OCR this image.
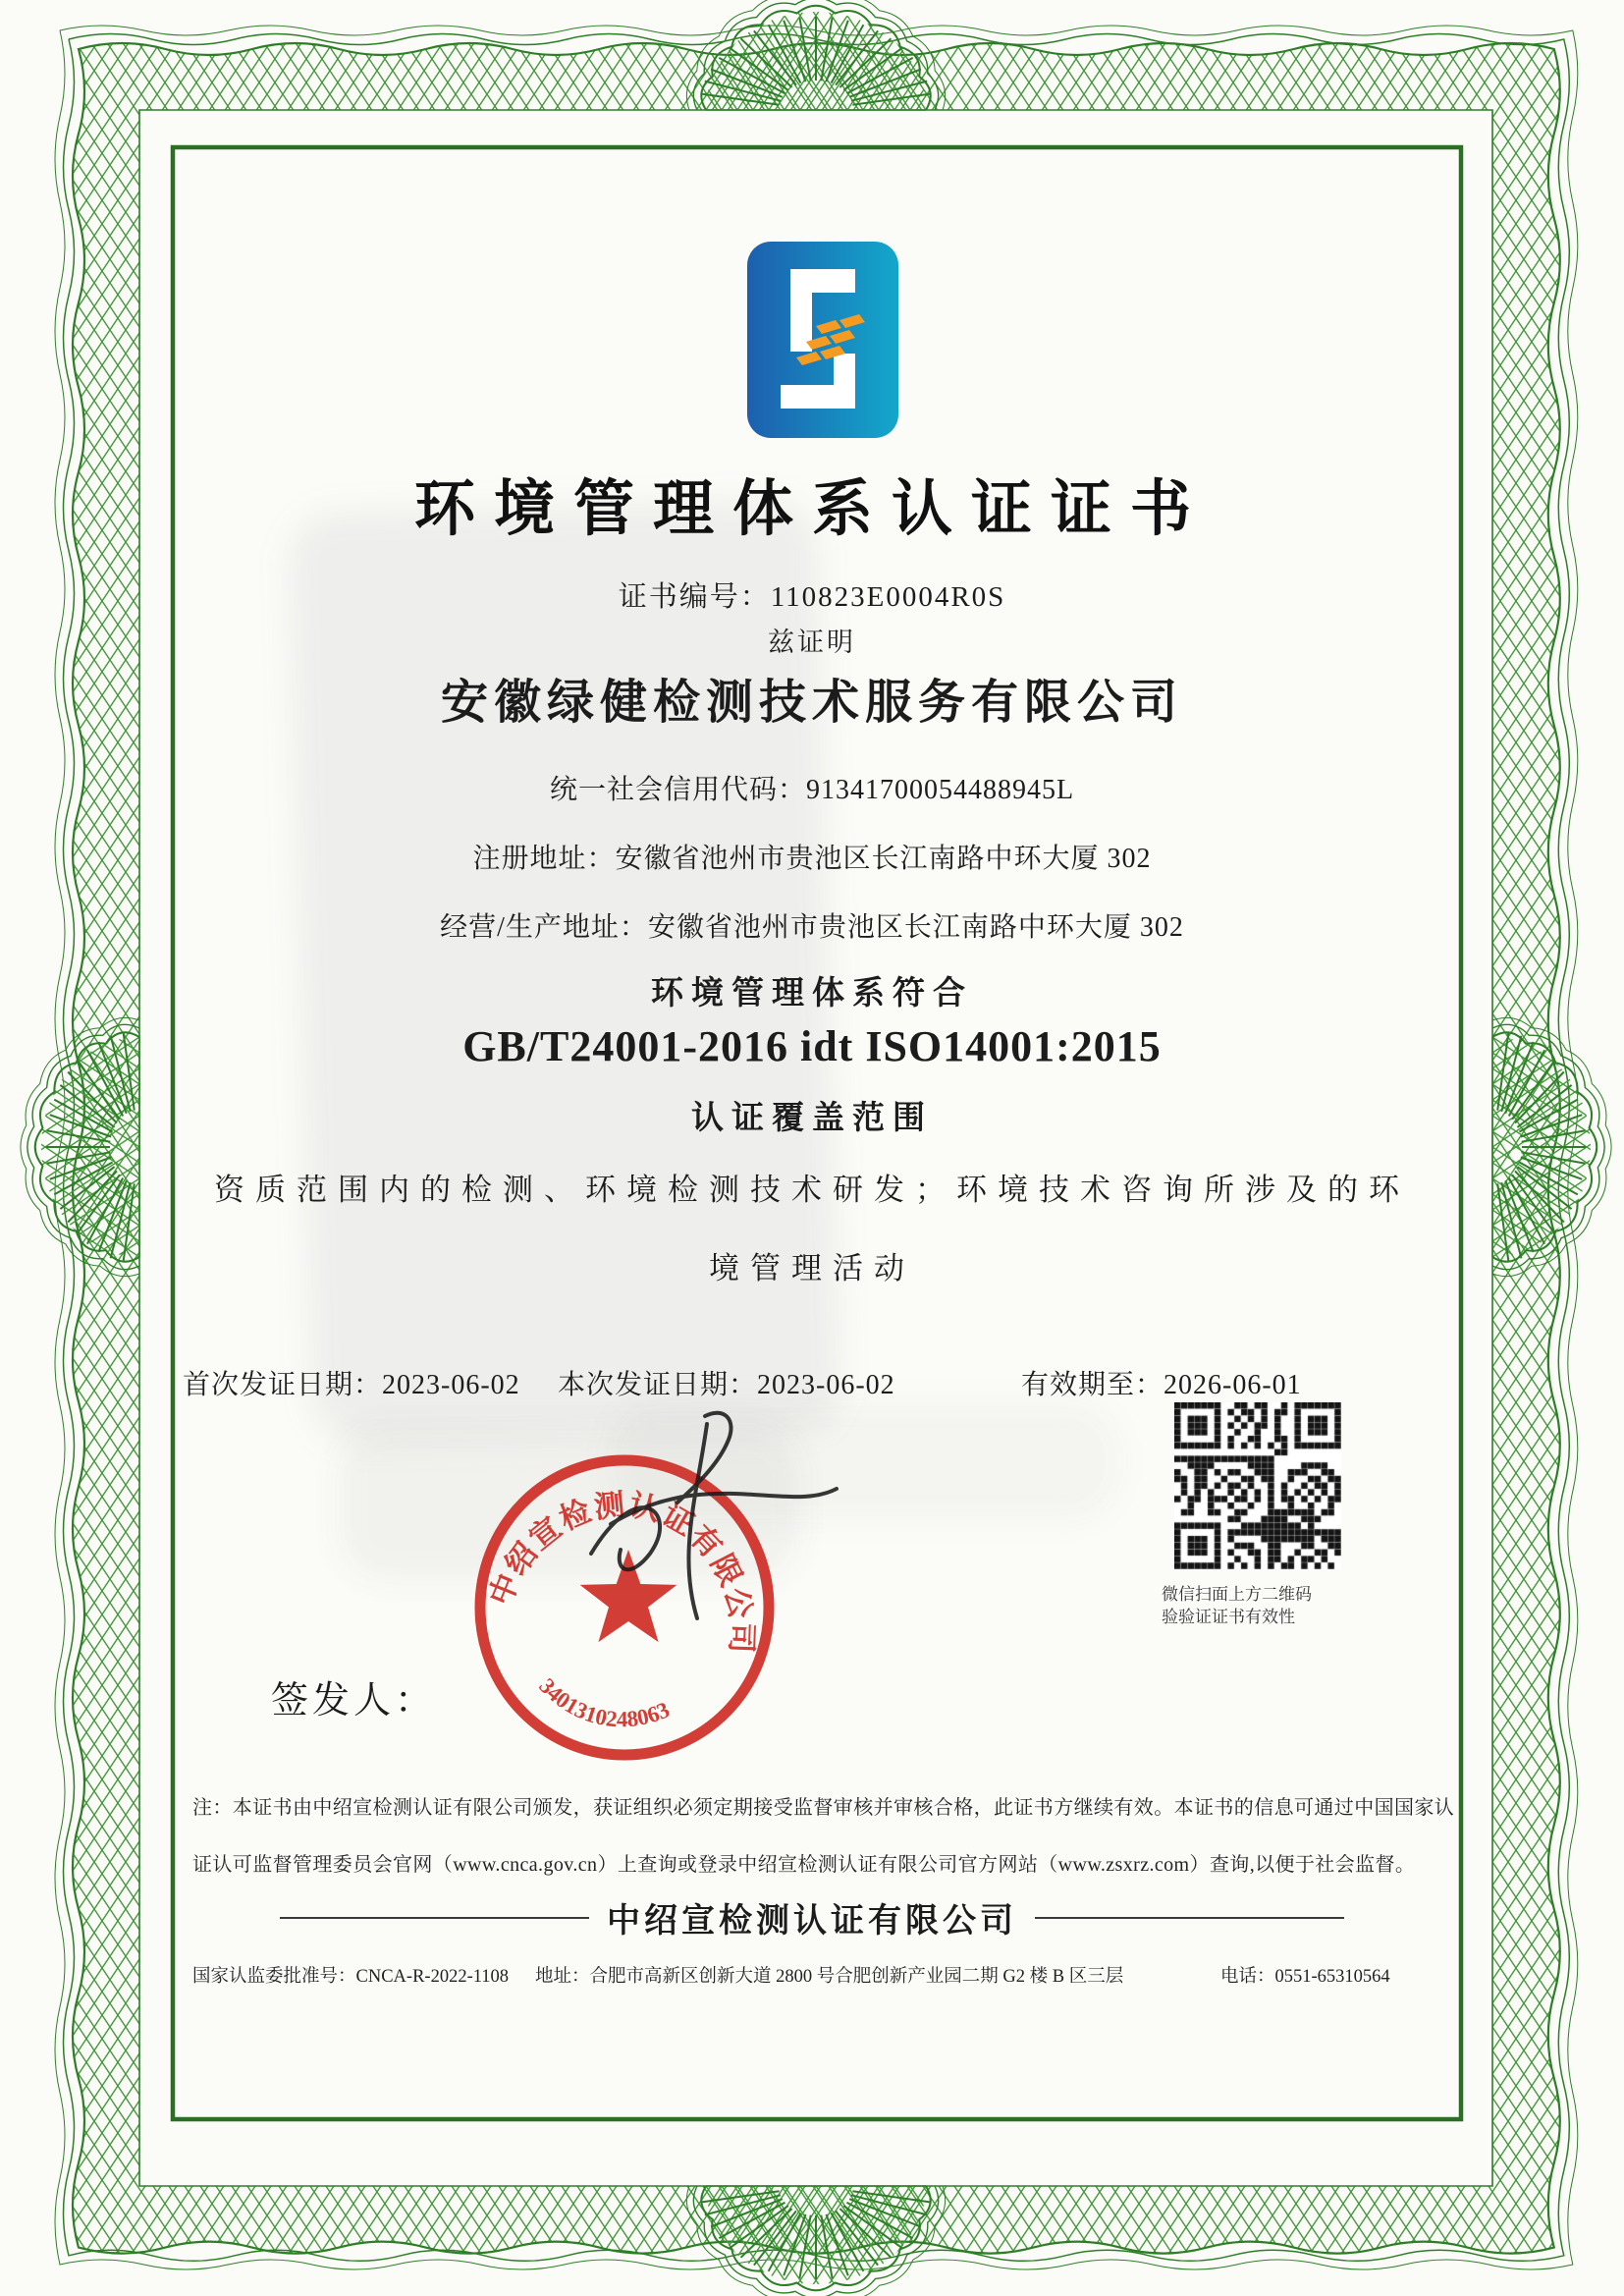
环境管理体系认证证书
证书编号：110823E0004R0S
兹证明
安徽绿健检测技术服务有限公司
统一社会信用代码：91341700054488945L
注册地址：安徽省池州市贵池区长江南路中环大厦 302
经营/生产地址：安徽省池州市贵池区长江南路中环大厦 302
环境管理体系符合
GB/T24001-2016 idt ISO14001:2015
认证覆盖范围
资质范围内的检测、环境检测技术研发；环境技术咨询所涉及的环
境管理活动
首次发证日期：2023-06-02 本次发证日期：2023-06-02	有效期至：2026-06-01
中绍宣检测认证有限公司
3401310248063
微信扫面上方二维码
验验证证书有效性
签发人：
注：本证书由中绍宣检测认证有限公司颁发，获证组织必须定期接受监督审核并审核合格，此证书方继续有效。本证书的信息可通过中国国家认
证认可监督管理委员会官网（www.cnca.gov.cn）上查询或登录中绍宣检测认证有限公司官方网站（www.zsxrz.com）查询,以便于社会监督。
中绍宣检测认证有限公司
国家认监委批准号：CNCA-R-2022-1108 地址：合肥市高新区创新大道 2800 号合肥创新产业园二期 G2 楼 B 区三层	电话：0551-65310564
